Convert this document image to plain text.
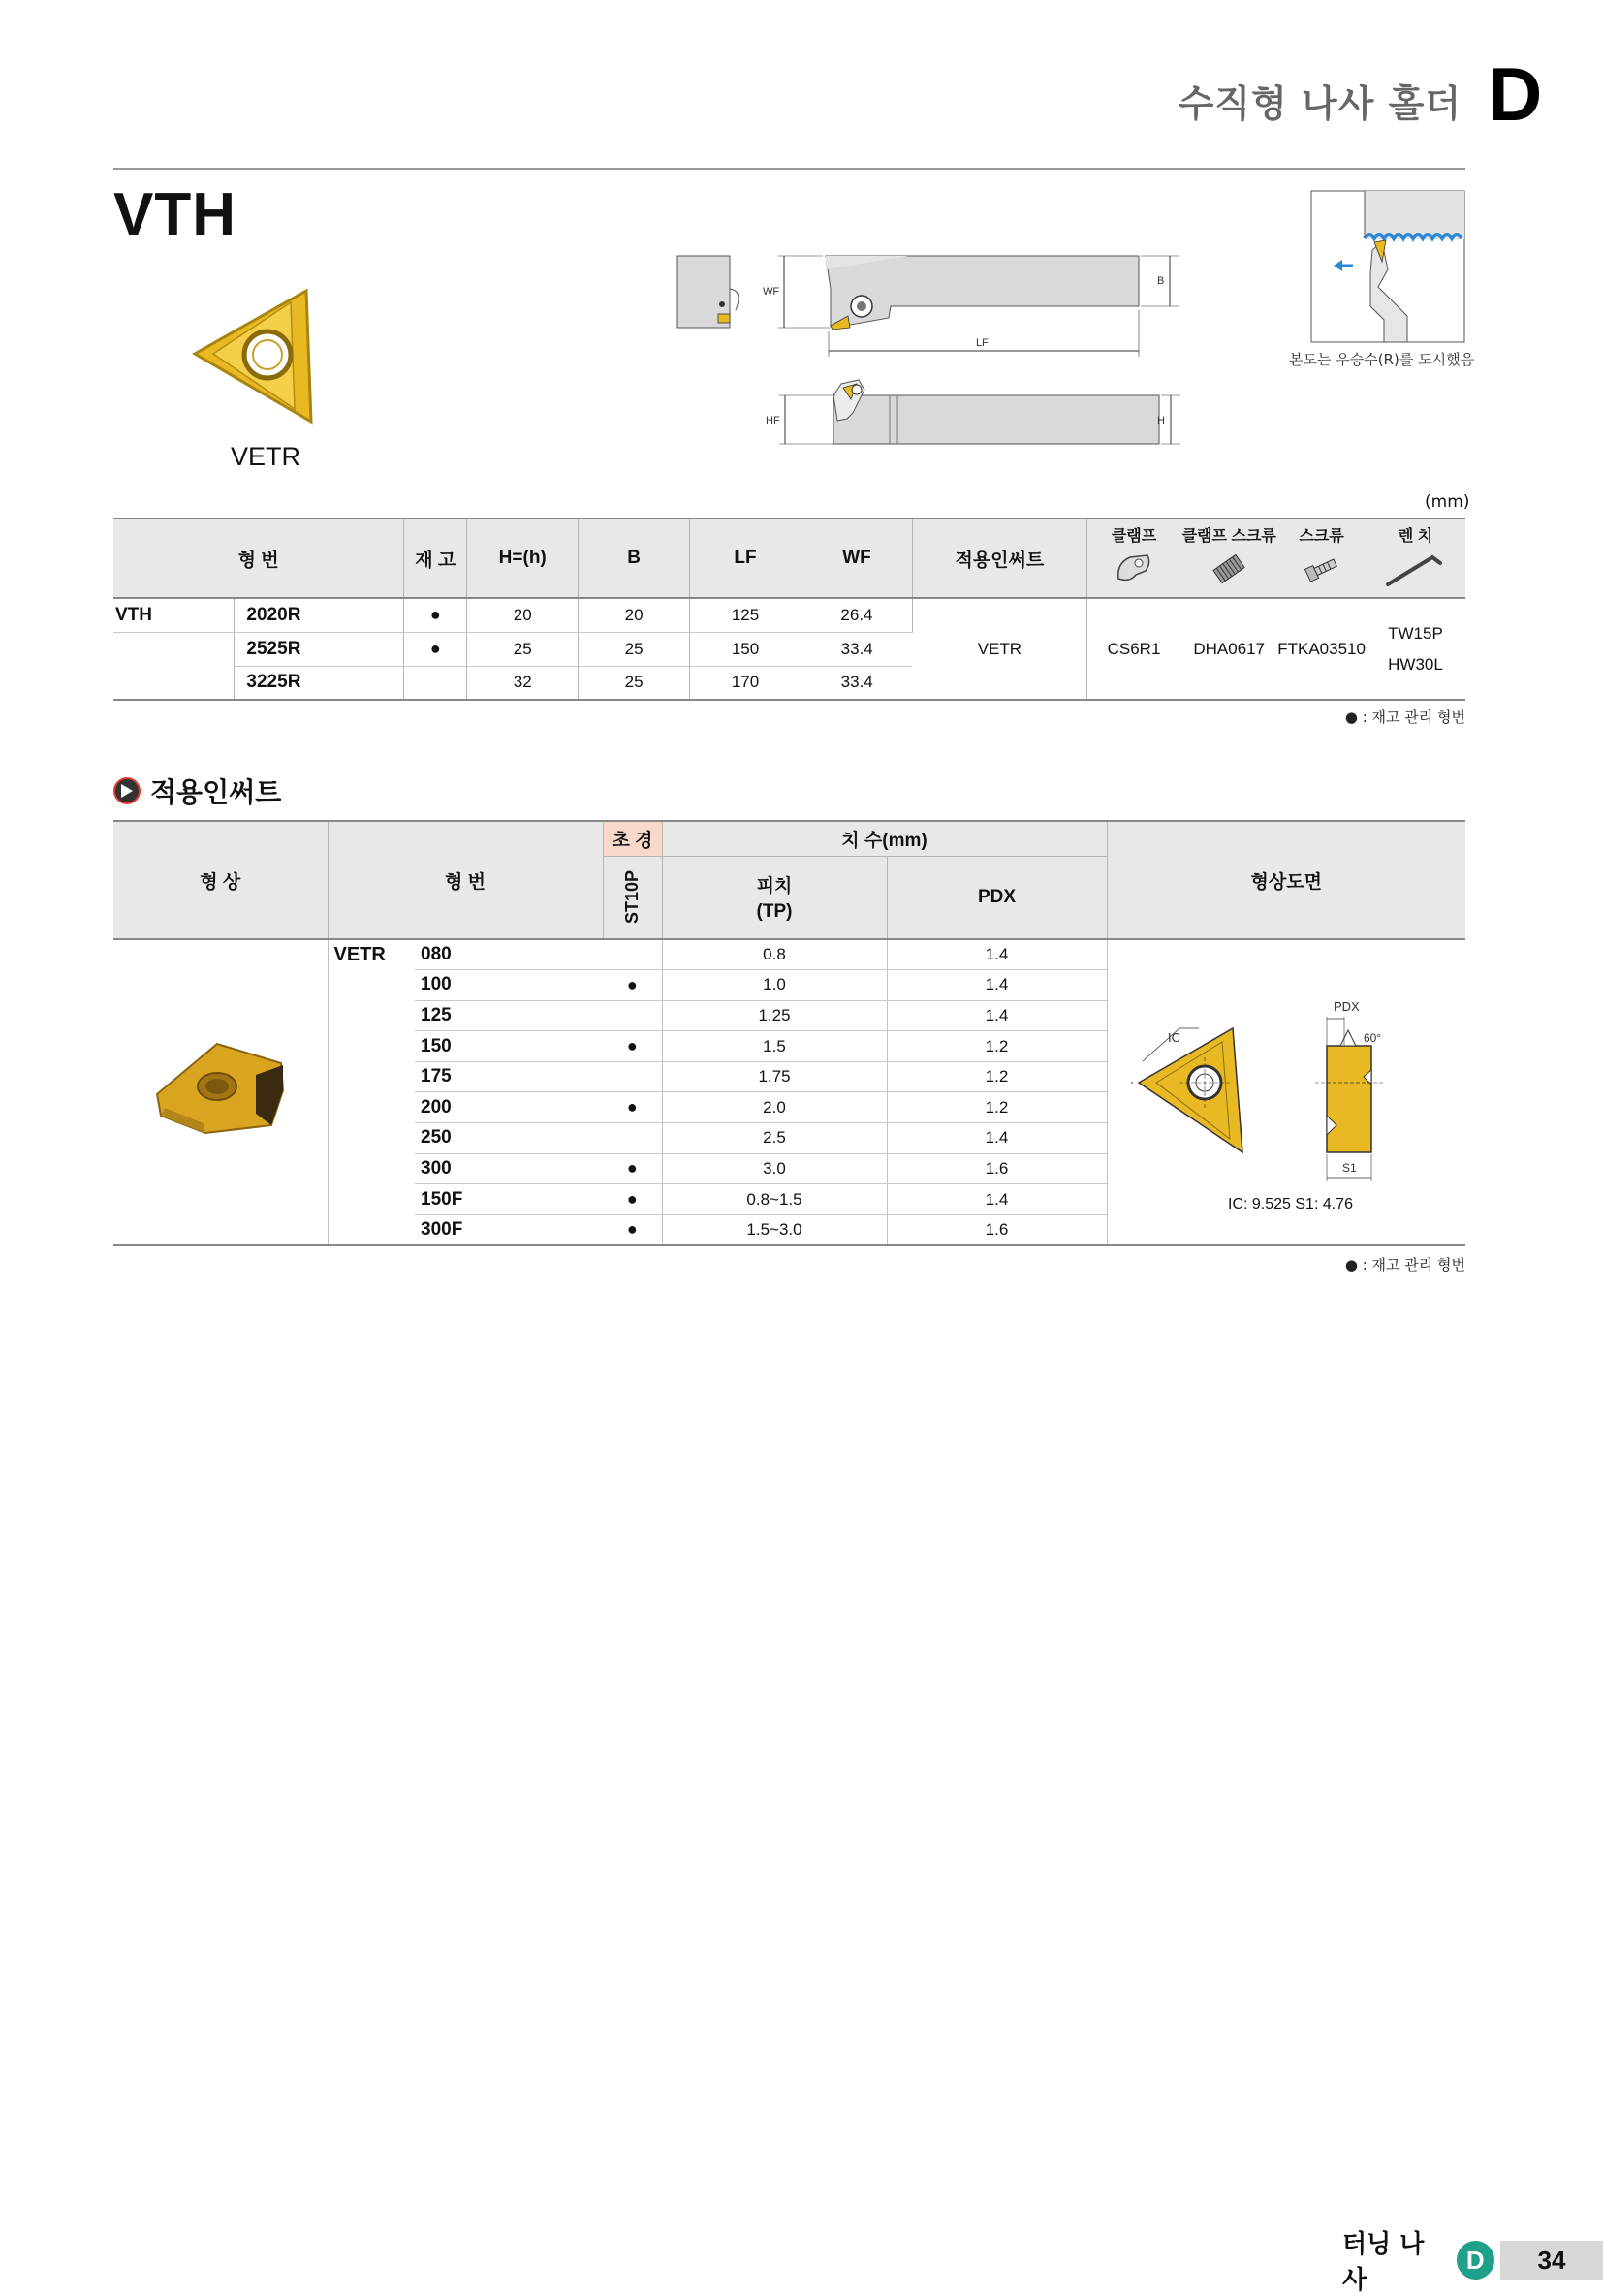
수직형 나사 홀더 D
VTH
VETR
WF
B
LF
HF	H
본도는 우승수(R)를 도시했음
(mm)
형 번		재 고	H=(h)	B	LF	WF	적용인써트	클램프	클램프 스크류	스크류	렌 치

VTH	2020R	●	20	20	125	26.4	VETR	CS6R1	DHA0617	FTKA03510	TW15P
HW30L

	2525R	●	25	25	150	33.4					
	3225R		32	25	170	33.4					
● : 재고 관리 형번
적용인써트
형 상	형 번		초 경	치 수(mm)		형상도면
			ST10P	피치
(TP)	PDX	
	VETR	080		0.8	1.4	IC
PDX
60°
S1
IC: 9.525 S1: 4.76

		100	●	1.0	1.4	
		125		1.25	1.4	
		150	●	1.5	1.2	
		175		1.75	1.2	
		200	●	2.0	1.2	
		250		2.5	1.4	
		300	●	3.0	1.6	
		150F	●	0.8~1.5	1.4	
		300F	●	1.5~3.0	1.6	
● : 재고 관리 형번
터닝 나사
D	34
